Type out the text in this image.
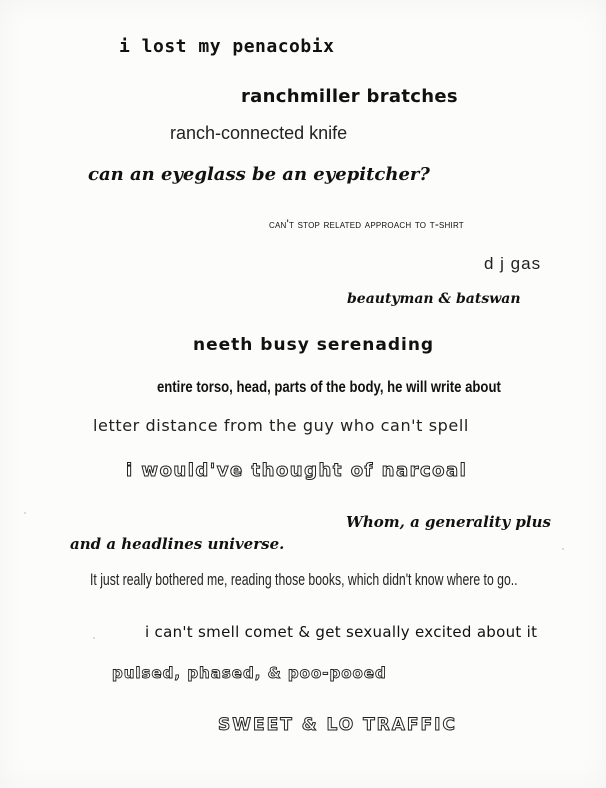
i lost my penacobix
ranchmiller bratches
ranch-connected knife
can an eyeglass be an eyepitcher?
can't stop related approach to t-shirt
d j gas
beautyman & batswan
neeth busy serenading
entire torso, head, parts of the body, he will write about
letter distance from the guy who can't spell
i would've thought of narcoal
Whom, a generality plus
and a headlines universe.
It just really bothered me, reading those books, which didn't know where to go..
i can't smell comet & get sexually excited about it
pulsed, phased, & poo-pooed
SWEET & LO TRAFFIC
